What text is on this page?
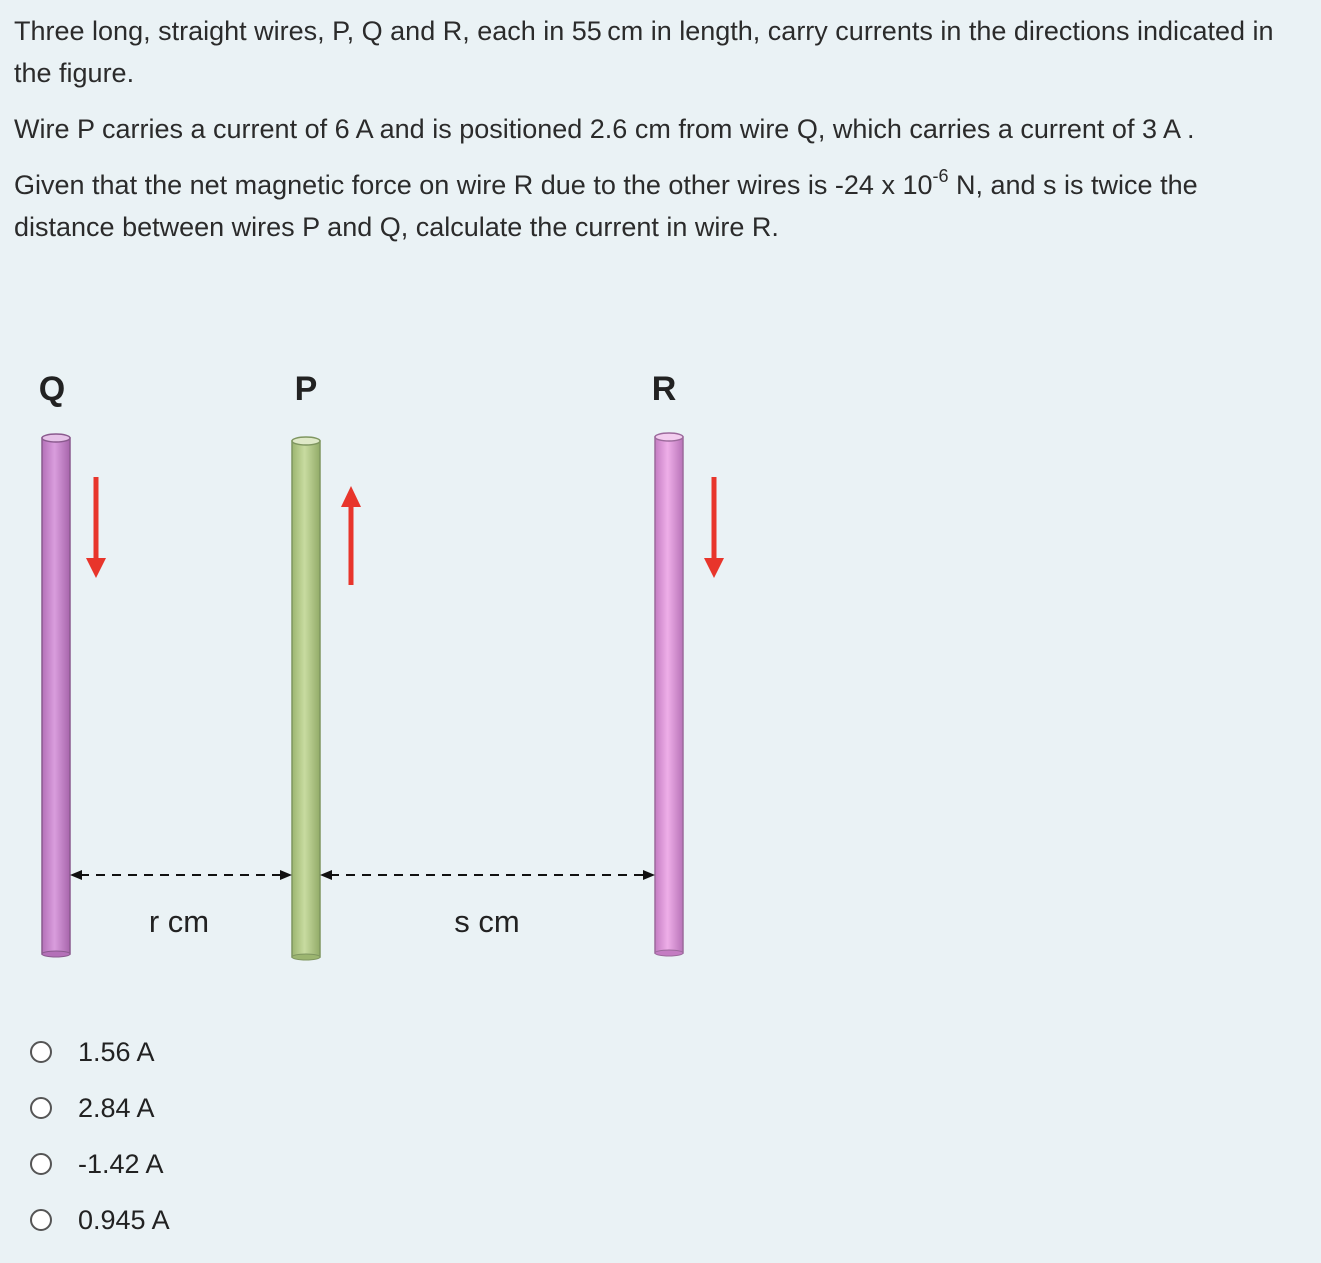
Three long, straight wires, P, Q and R, each in 55 cm in length, carry currents in the directions indicated in the figure.

Wire P carries a current of 6 A and is positioned 2.6 cm from wire Q, which carries a current of 3 A .

Given that the net magnetic force on wire R due to the other wires is -24 x $10^{-6}$ N, and s is twice the distance between wires P and Q, calculate the current in wire R.

Q	P	R
r cm	s cm
1.56 A
2.84 A
-1.42 A
0.945 A
